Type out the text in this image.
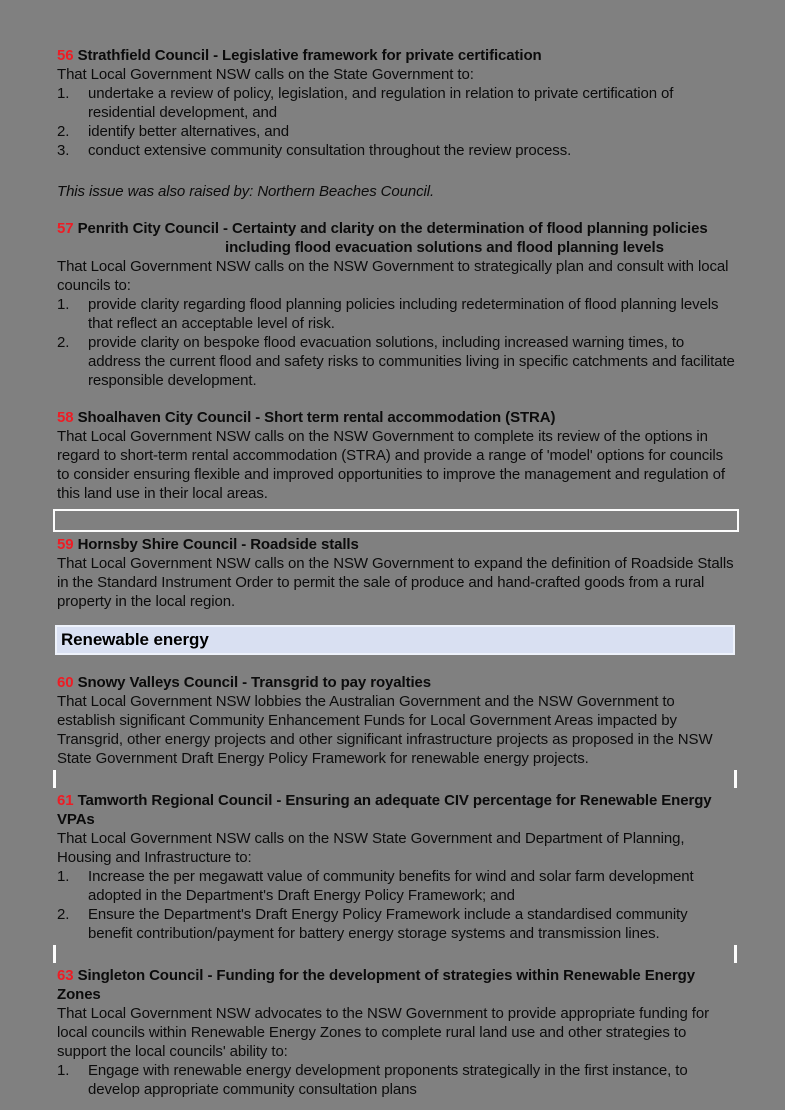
56 Strathfield Council - Legislative framework for private certification
That Local Government NSW calls on the State Government to:
1.	undertake a review of policy, legislation, and regulation in relation to private certification of residential development, and
2.	identify better alternatives, and
3.	conduct extensive community consultation throughout the review process.
This issue was also raised by: Northern Beaches Council.
57 Penrith City Council - Certainty and clarity on the determination of flood planning policies
including flood evacuation solutions and flood planning levels
That Local Government NSW calls on the NSW Government to strategically plan and consult with local councils to:
1.	provide clarity regarding flood planning policies including redetermination of flood planning levels that reflect an acceptable level of risk.
2.	provide clarity on bespoke flood evacuation solutions, including increased warning times, to address the current flood and safety risks to communities living in specific catchments and facilitate responsible development.
58 Shoalhaven City Council - Short term rental accommodation (STRA)
That Local Government NSW calls on the NSW Government to complete its review of the options in regard to short-term rental accommodation (STRA) and provide a range of 'model' options for councils to consider ensuring flexible and improved opportunities to improve the management and regulation of this land use in their local areas.
59 Hornsby Shire Council - Roadside stalls
That Local Government NSW calls on the NSW Government to expand the definition of Roadside Stalls in the Standard Instrument Order to permit the sale of produce and hand-crafted goods from a rural property in the local region.
Renewable energy
60 Snowy Valleys Council - Transgrid to pay royalties
That Local Government NSW lobbies the Australian Government and the NSW Government to establish significant Community Enhancement Funds for Local Government Areas impacted by Transgrid, other energy projects and other significant infrastructure projects as proposed in the NSW State Government Draft Energy Policy Framework for renewable energy projects.
61 Tamworth Regional Council - Ensuring an adequate CIV percentage for Renewable Energy VPAs
That Local Government NSW calls on the NSW State Government and Department of Planning, Housing and Infrastructure to:
1.	Increase the per megawatt value of community benefits for wind and solar farm development adopted in the Department's Draft Energy Policy Framework; and
2.	Ensure the Department's Draft Energy Policy Framework include a standardised community benefit contribution/payment for battery energy storage systems and transmission lines.
63 Singleton Council - Funding for the development of strategies within Renewable Energy Zones
That Local Government NSW advocates to the NSW Government to provide appropriate funding for local councils within Renewable Energy Zones to complete rural land use and other strategies to support the local councils' ability to:
1.	Engage with renewable energy development proponents strategically in the first instance, to develop appropriate community consultation plans
